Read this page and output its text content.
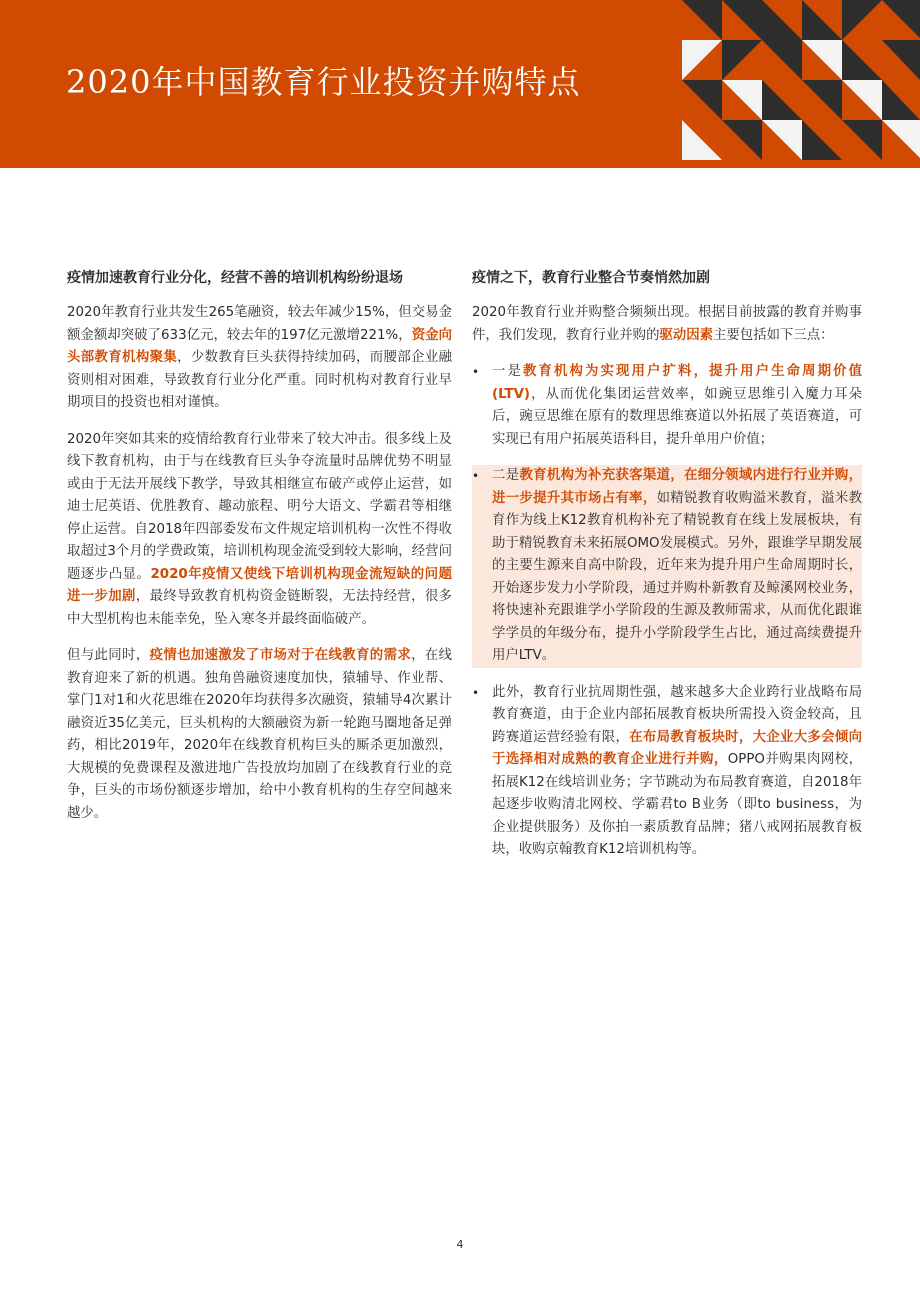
2020年中国教育行业投资并购特点
疫情加速教育行业分化，经营不善的培训机构纷纷退场

2020年教育行业共发生265笔融资，较去年减少15%，但交易金额金额却突破了633亿元，较去年的197亿元激增221%，资金向头部教育机构聚集，少数教育巨头获得持续加码，而腰部企业融资则相对困难，导致教育行业分化严重。同时机构对教育行业早期项目的投资也相对谨慎。

2020年突如其来的疫情给教育行业带来了较大冲击。很多线上及线下教育机构，由于与在线教育巨头争夺流量时品牌优势不明显或由于无法开展线下教学，导致其相继宣布破产或停止运营，如迪士尼英语、优胜教育、趣动旅程、明兮大语文、学霸君等相继停止运营。自2018年四部委发布文件规定培训机构一次性不得收取超过3个月的学费政策，培训机构现金流受到较大影响，经营问题逐步凸显。2020年疫情又使线下培训机构现金流短缺的问题进一步加剧，最终导致教育机构资金链断裂，无法持经营，很多中大型机构也未能幸免，坠入寒冬并最终面临破产。

但与此同时，疫情也加速激发了市场对于在线教育的需求，在线教育迎来了新的机遇。独角兽融资速度加快，猿辅导、作业帮、掌门1对1和火花思维在2020年均获得多次融资，猿辅导4次累计融资近35亿美元，巨头机构的大额融资为新一轮跑马圈地备足弹药，相比2019年，2020年在线教育机构巨头的厮杀更加激烈，大规模的免费课程及激进地广告投放均加剧了在线教育行业的竞争，巨头的市场份额逐步增加，给中小教育机构的生存空间越来越少。

疫情之下，教育行业整合节奏悄然加剧

2020年教育行业并购整合频频出现。根据目前披露的教育并购事件，我们发现，教育行业并购的驱动因素主要包括如下三点：

• 一是教育机构为实现用户扩料，提升用户生命周期价值(LTV)，从而优化集团运营效率，如豌豆思维引入魔力耳朵后，豌豆思维在原有的数理思维赛道以外拓展了英语赛道，可实现已有用户拓展英语科目，提升单用户价值；
• 二是教育机构为补充获客渠道，在细分领域内进行行业并购，进一步提升其市场占有率，如精锐教育收购溢米教育，溢米教育作为线上K12教育机构补充了精锐教育在线上发展板块，有助于精锐教育未来拓展OMO发展模式。另外，跟谁学早期发展的主要生源来自高中阶段，近年来为提升用户生命周期时长，开始逐步发力小学阶段，通过并购朴新教育及鲸溪网校业务，将快速补充跟谁学小学阶段的生源及教师需求，从而优化跟谁学学员的年级分布，提升小学阶段学生占比，通过高续费提升用户LTV。
• 此外，教育行业抗周期性强，越来越多大企业跨行业战略布局教育赛道，由于企业内部拓展教育板块所需投入资金较高，且跨赛道运营经验有限，在布局教育板块时，大企业大多会倾向于选择相对成熟的教育企业进行并购，OPPO并购果肉网校，拓展K12在线培训业务；字节跳动为布局教育赛道，自2018年起逐步收购清北网校、学霸君to B业务（即to business，为企业提供服务）及你拍一素质教育品牌；猪八戒网拓展教育板块，收购京翰教育K12培训机构等。
4
